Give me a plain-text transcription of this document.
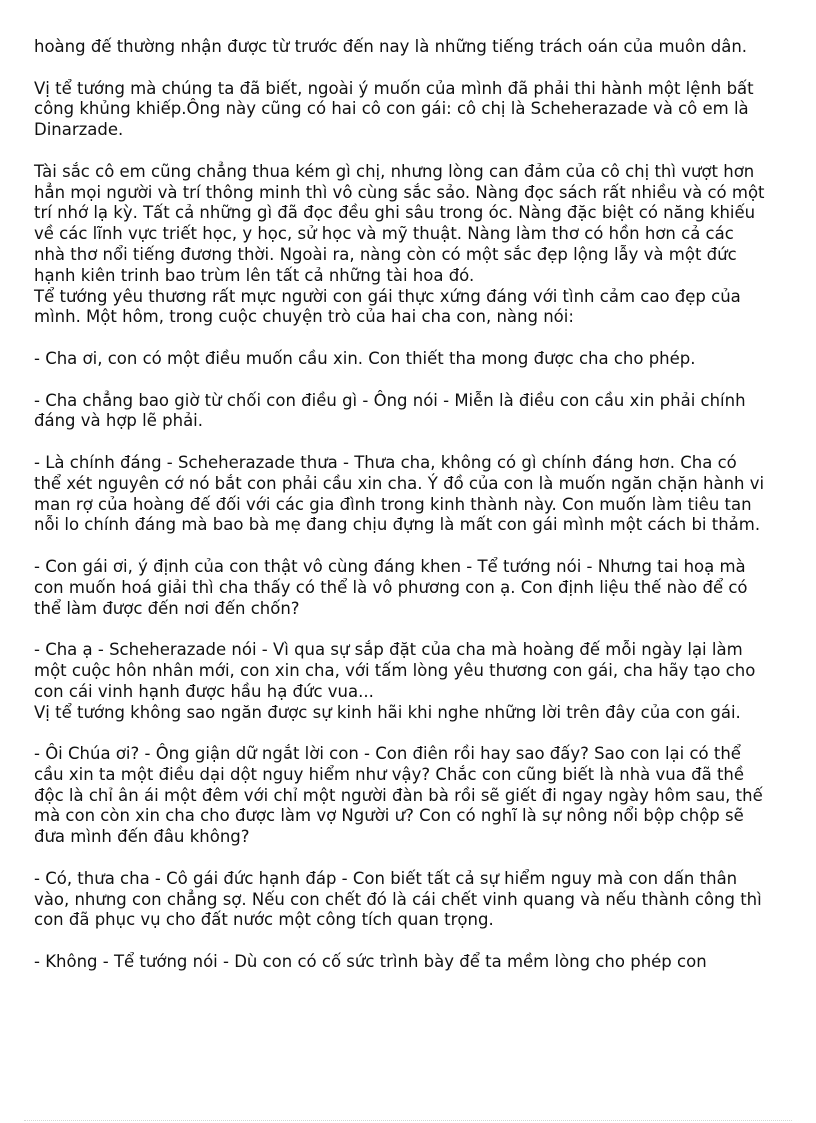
hoàng đế thường nhận được từ trước đến nay là những tiếng trách oán của muôn dân.

Vị tể tướng mà chúng ta đã biết, ngoài ý muốn của mình đã phải thi hành một lệnh bất công khủng khiếp.Ông này cũng có hai cô con gái: cô chị là Scheherazade và cô em là Dinarzade.

Tài sắc cô em cũng chẳng thua kém gì chị, nhưng lòng can đảm của cô chị thì vượt hơn hẳn mọi người và trí thông minh thì vô cùng sắc sảo. Nàng đọc sách rất nhiều và có một trí nhớ lạ kỳ. Tất cả những gì đã đọc đều ghi sâu trong óc. Nàng đặc biệt có năng khiếu về các lĩnh vực triết học, y học, sử học và mỹ thuật. Nàng làm thơ có hồn hơn cả các nhà thơ nổi tiếng đương thời. Ngoài ra, nàng còn có một sắc đẹp lộng lẫy và một đức hạnh kiên trinh bao trùm lên tất cả những tài hoa đó.

Tể tướng yêu thương rất mực người con gái thực xứng đáng với tình cảm cao đẹp của mình. Một hôm, trong cuộc chuyện trò của hai cha con, nàng nói:

- Cha ơi, con có một điều muốn cầu xin. Con thiết tha mong được cha cho phép.

- Cha chẳng bao giờ từ chối con điều gì - Ông nói - Miễn là điều con cầu xin phải chính đáng và hợp lẽ phải.

- Là chính đáng - Scheherazade thưa - Thưa cha, không có gì chính đáng hơn. Cha có thể xét nguyên cớ nó bắt con phải cầu xin cha. Ý đồ của con là muốn ngăn chặn hành vi man rợ của hoàng đế đối với các gia đình trong kinh thành này. Con muốn làm tiêu tan nỗi lo chính đáng mà bao bà mẹ đang chịu đựng là mất con gái mình một cách bi thảm.

- Con gái ơi, ý định của con thật vô cùng đáng khen - Tể tướng nói - Nhưng tai hoạ mà con muốn hoá giải thì cha thấy có thể là vô phương con ạ. Con định liệu thế nào để có thể làm được đến nơi đến chốn?

- Cha ạ - Scheherazade nói - Vì qua sự sắp đặt của cha mà hoàng đế mỗi ngày lại làm một cuộc hôn nhân mới, con xin cha, với tấm lòng yêu thương con gái, cha hãy tạo cho con cái vinh hạnh được hầu hạ đức vua...

Vị tể tướng không sao ngăn được sự kinh hãi khi nghe những lời trên đây của con gái.

- Ôi Chúa ơi? - Ông giận dữ ngắt lời con - Con điên rồi hay sao đấy? Sao con lại có thể cầu xin ta một điều dại dột nguy hiểm như vậy? Chắc con cũng biết là nhà vua đã thề độc là chỉ ân ái một đêm với chỉ một người đàn bà rồi sẽ giết đi ngay ngày hôm sau, thế mà con còn xin cha cho được làm vợ Người ư? Con có nghĩ là sự nông nổi bộp chộp sẽ đưa mình đến đâu không?

- Có, thưa cha - Cô gái đức hạnh đáp - Con biết tất cả sự hiểm nguy mà con dấn thân vào, nhưng con chẳng sợ. Nếu con chết đó là cái chết vinh quang và nếu thành công thì con đã phục vụ cho đất nước một công tích quan trọng.

- Không - Tể tướng nói - Dù con có cố sức trình bày để ta mềm lòng cho phép con
